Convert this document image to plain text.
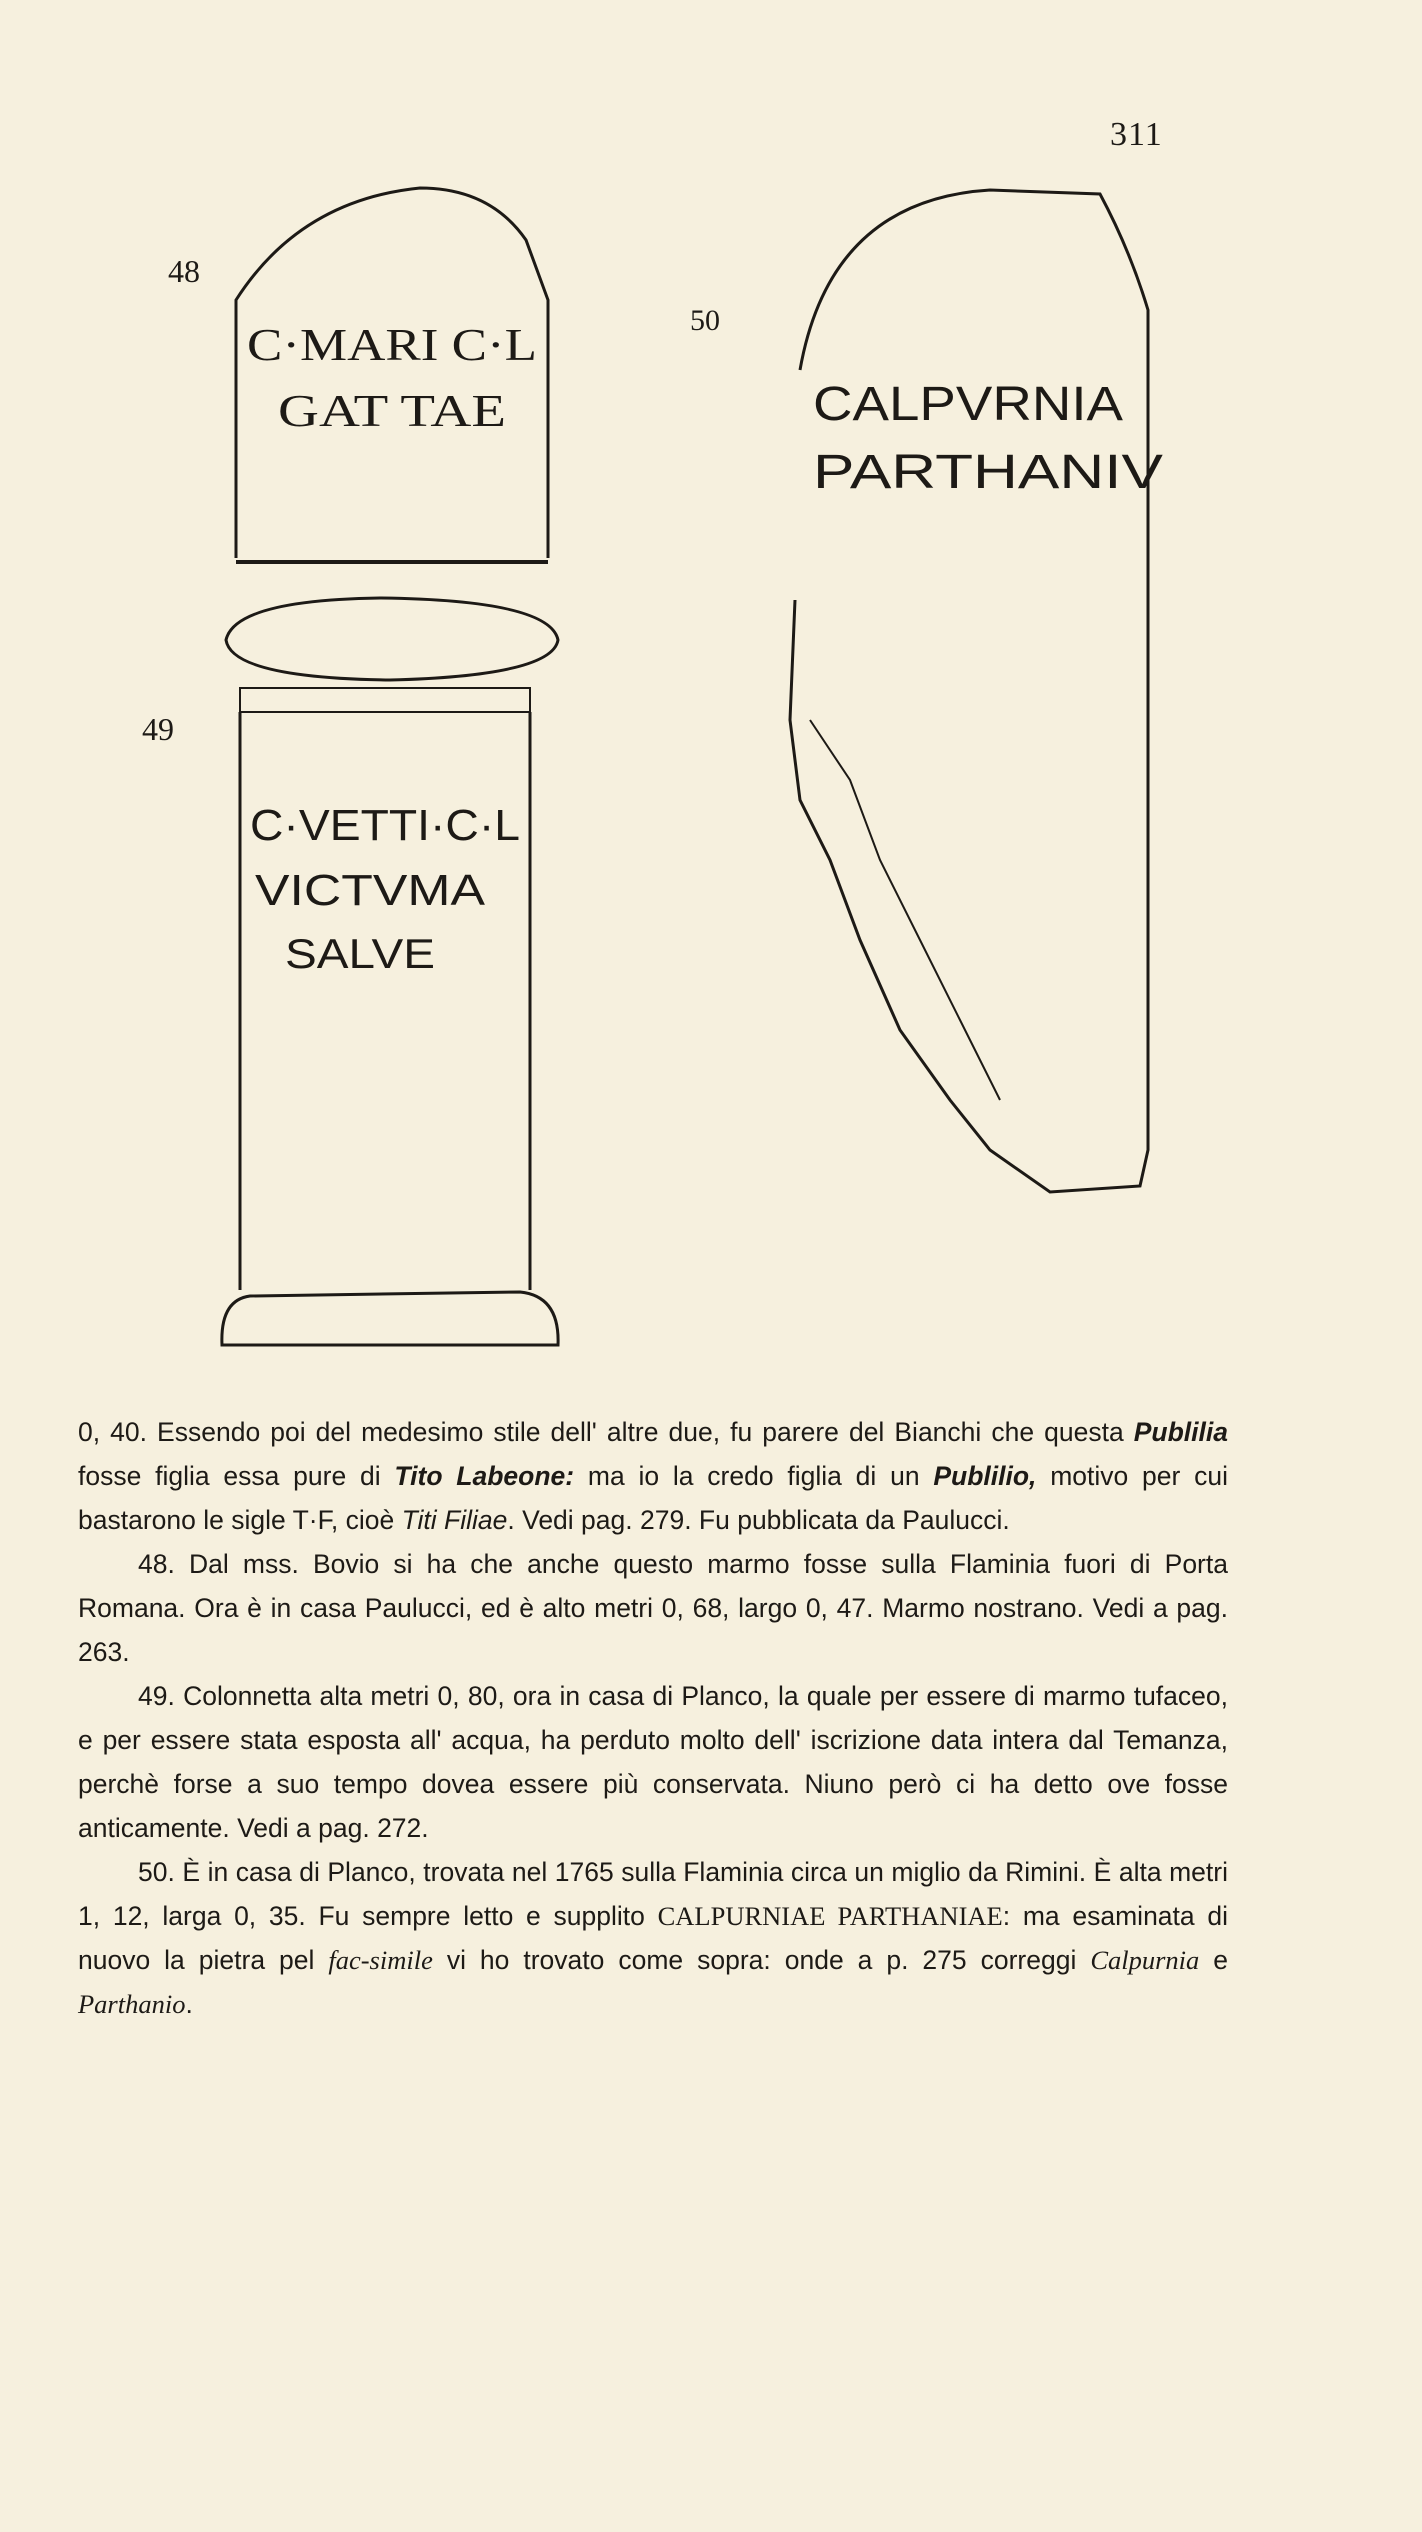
311
48
49
50
C·MARI C·L
GAT TAE
C·VETTI·C·L
VICTVMA
SALVE
CALPVRNIA
PARTHANIV

0, 40. Essendo poi del medesimo stile dell' altre due, fu parere del Bianchi che questa Publilia fosse figlia essa pure di Tito Labeone: ma io la credo figlia di un Publilio, motivo per cui bastarono le sigle T·F, cioè Titi Filiae. Vedi pag. 279. Fu pubblicata da Paulucci.

48. Dal mss. Bovio si ha che anche questo marmo fosse sulla Flaminia fuori di Porta Romana. Ora è in casa Paulucci, ed è alto metri 0, 68, largo 0, 47. Marmo nostrano. Vedi a pag. 263.

49. Colonnetta alta metri 0, 80, ora in casa di Planco, la quale per essere di marmo tufaceo, e per essere stata esposta all' acqua, ha perduto molto dell' iscrizione data intera dal Temanza, perchè forse a suo tempo dovea essere più conservata. Niuno però ci ha detto ove fosse anticamente. Vedi a pag. 272.

50. È in casa di Planco, trovata nel 1765 sulla Flaminia circa un miglio da Rimini. È alta metri 1, 12, larga 0, 35. Fu sempre letto e supplito CALPURNIAE PARTHANIAE: ma esaminata di nuovo la pietra pel fac-simile vi ho trovato come sopra: onde a p. 275 correggi Calpurnia e Parthanio.
